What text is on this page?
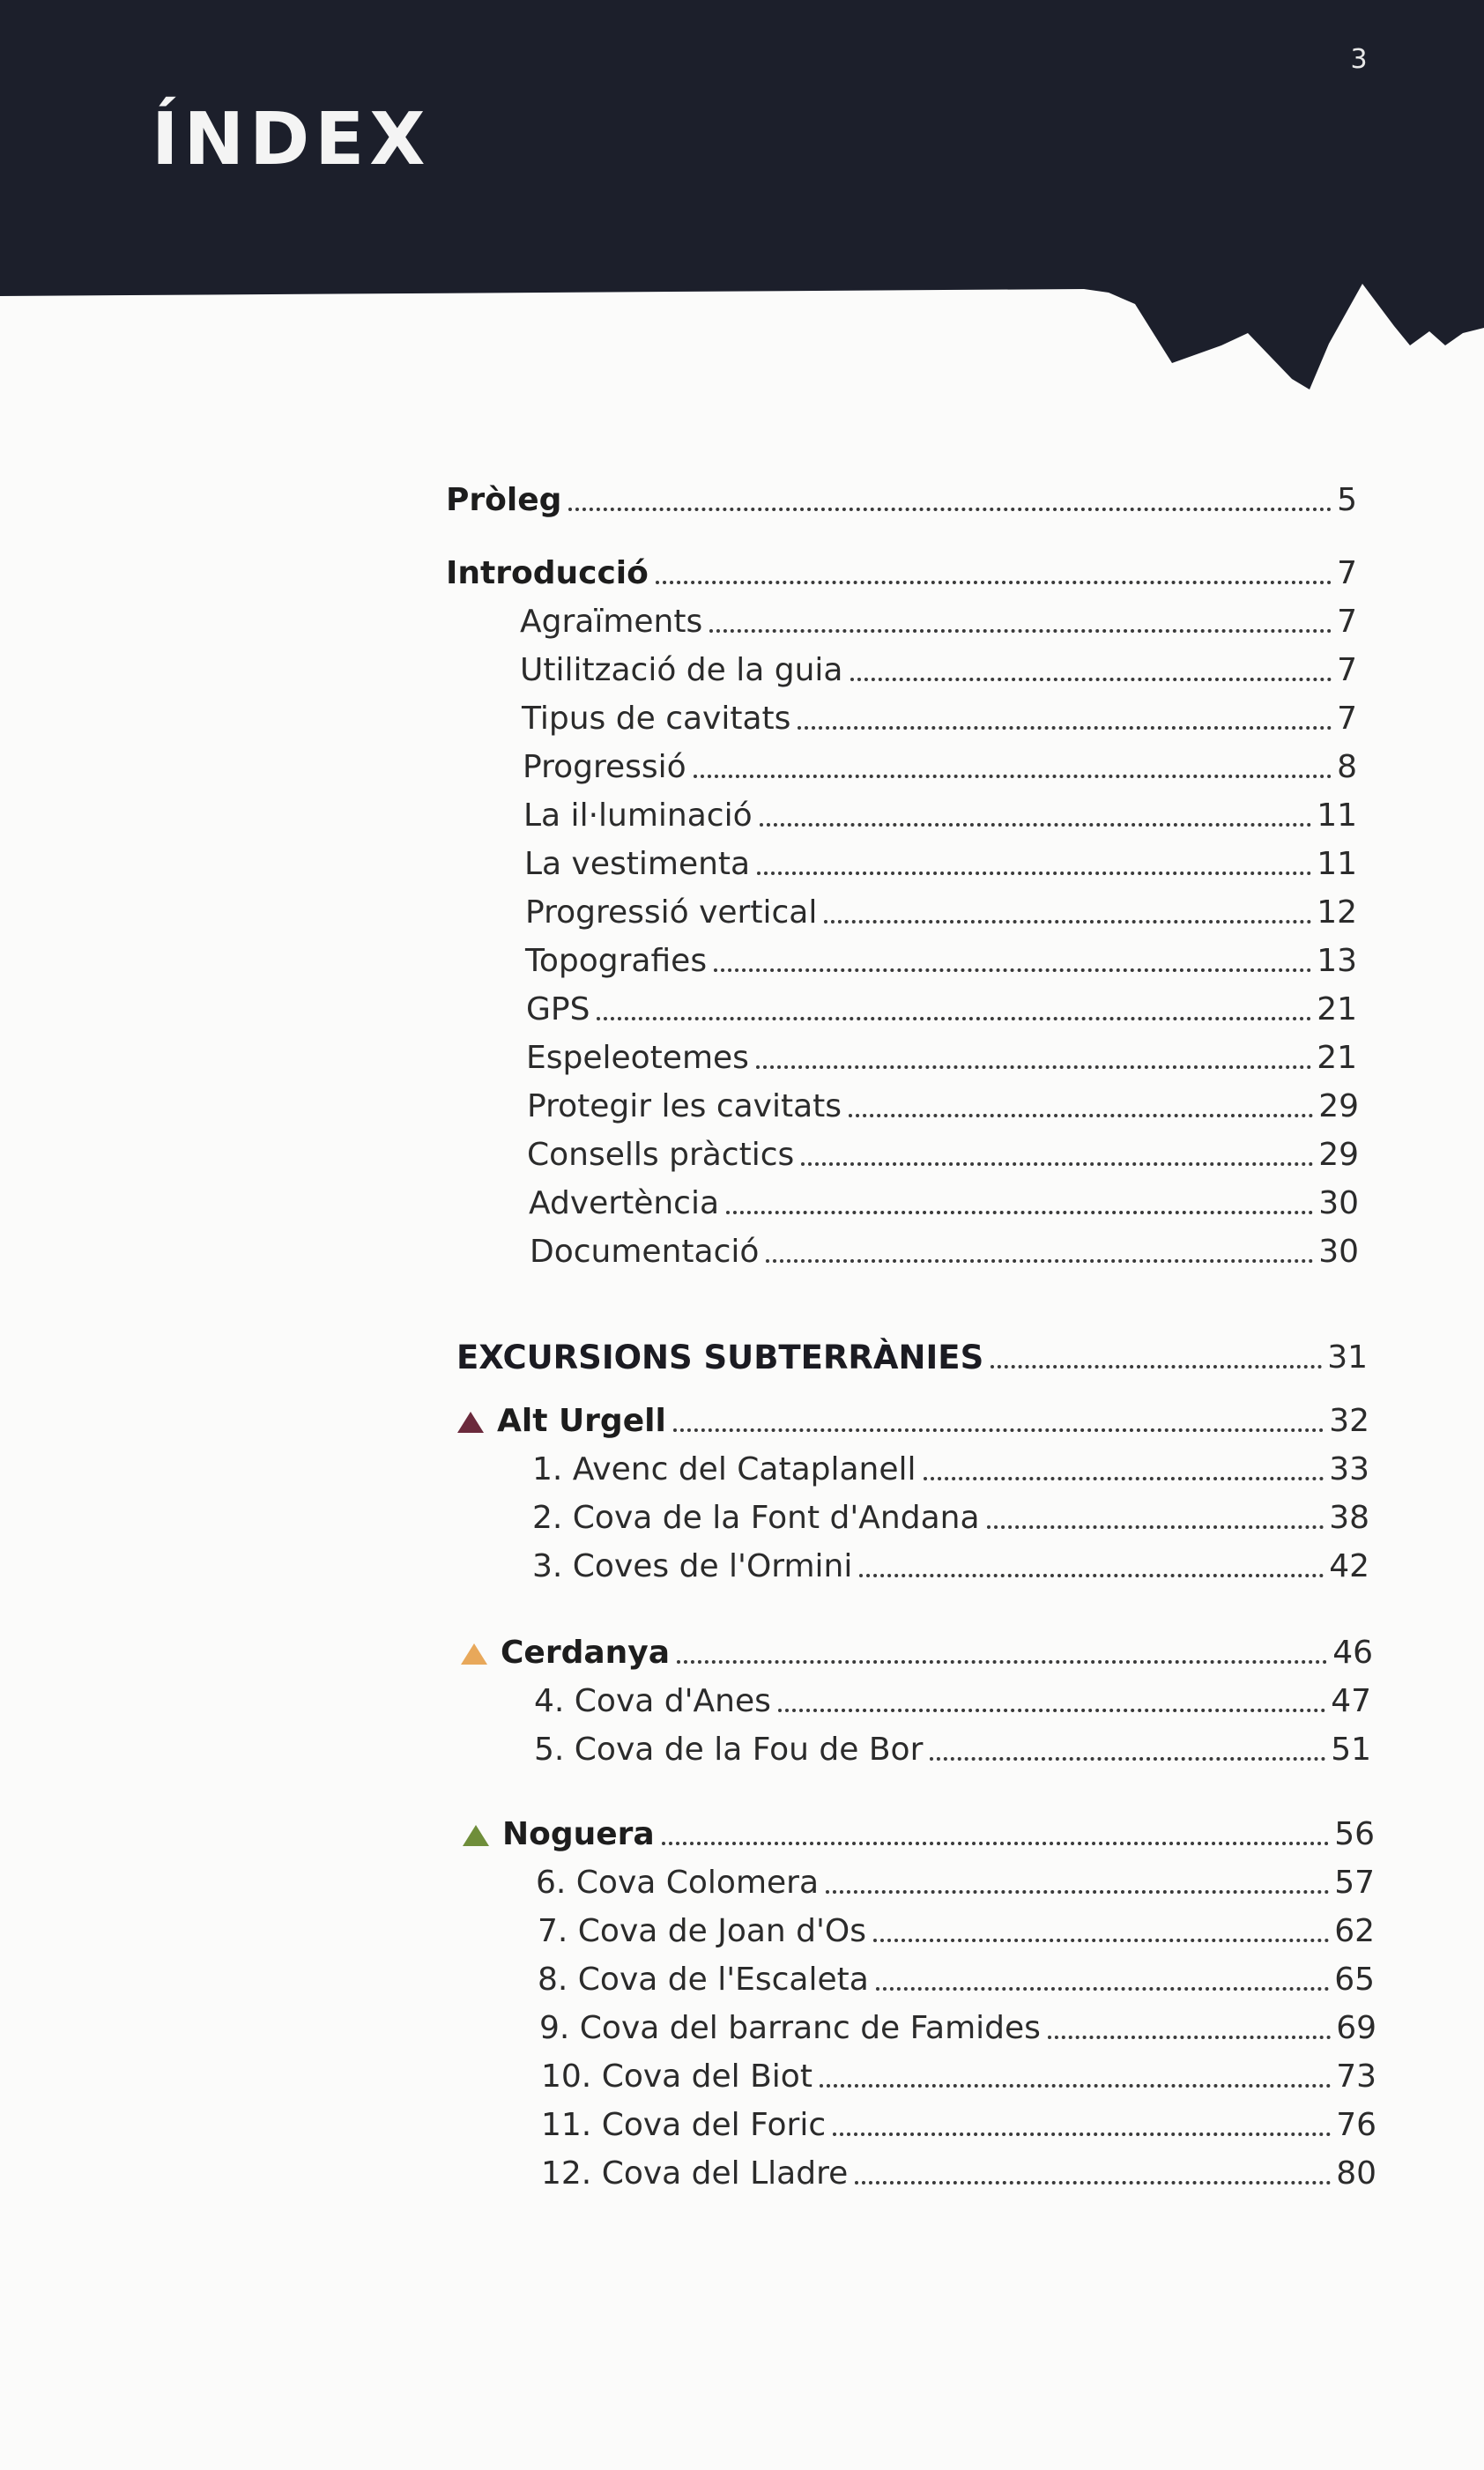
3
ÍNDEX
Pròleg	5
Introducció	7
Agraïments	7
Utilització de la guia	7
Tipus de cavitats	7
Progressió	8
La il·luminació	11
La vestimenta	11
Progressió vertical	12
Topografies	13
GPS	21
Espeleotemes	21
Protegir les cavitats	29
Consells pràctics	29
Advertència	30
Documentació	30
EXCURSIONS SUBTERRÀNIES	31
Alt Urgell	32
1. Avenc del Cataplanell	33
2. Cova de la Font d'Andana	38
3. Coves de l'Ormini	42
Cerdanya	46
4. Cova d'Anes	47
5. Cova de la Fou de Bor	51
Noguera	56
6. Cova Colomera	57
7. Cova de Joan d'Os	62
8. Cova de l'Escaleta	65
9. Cova del barranc de Famides	69
10. Cova del Biot	73
11. Cova del Foric	76
12. Cova del Lladre	80
